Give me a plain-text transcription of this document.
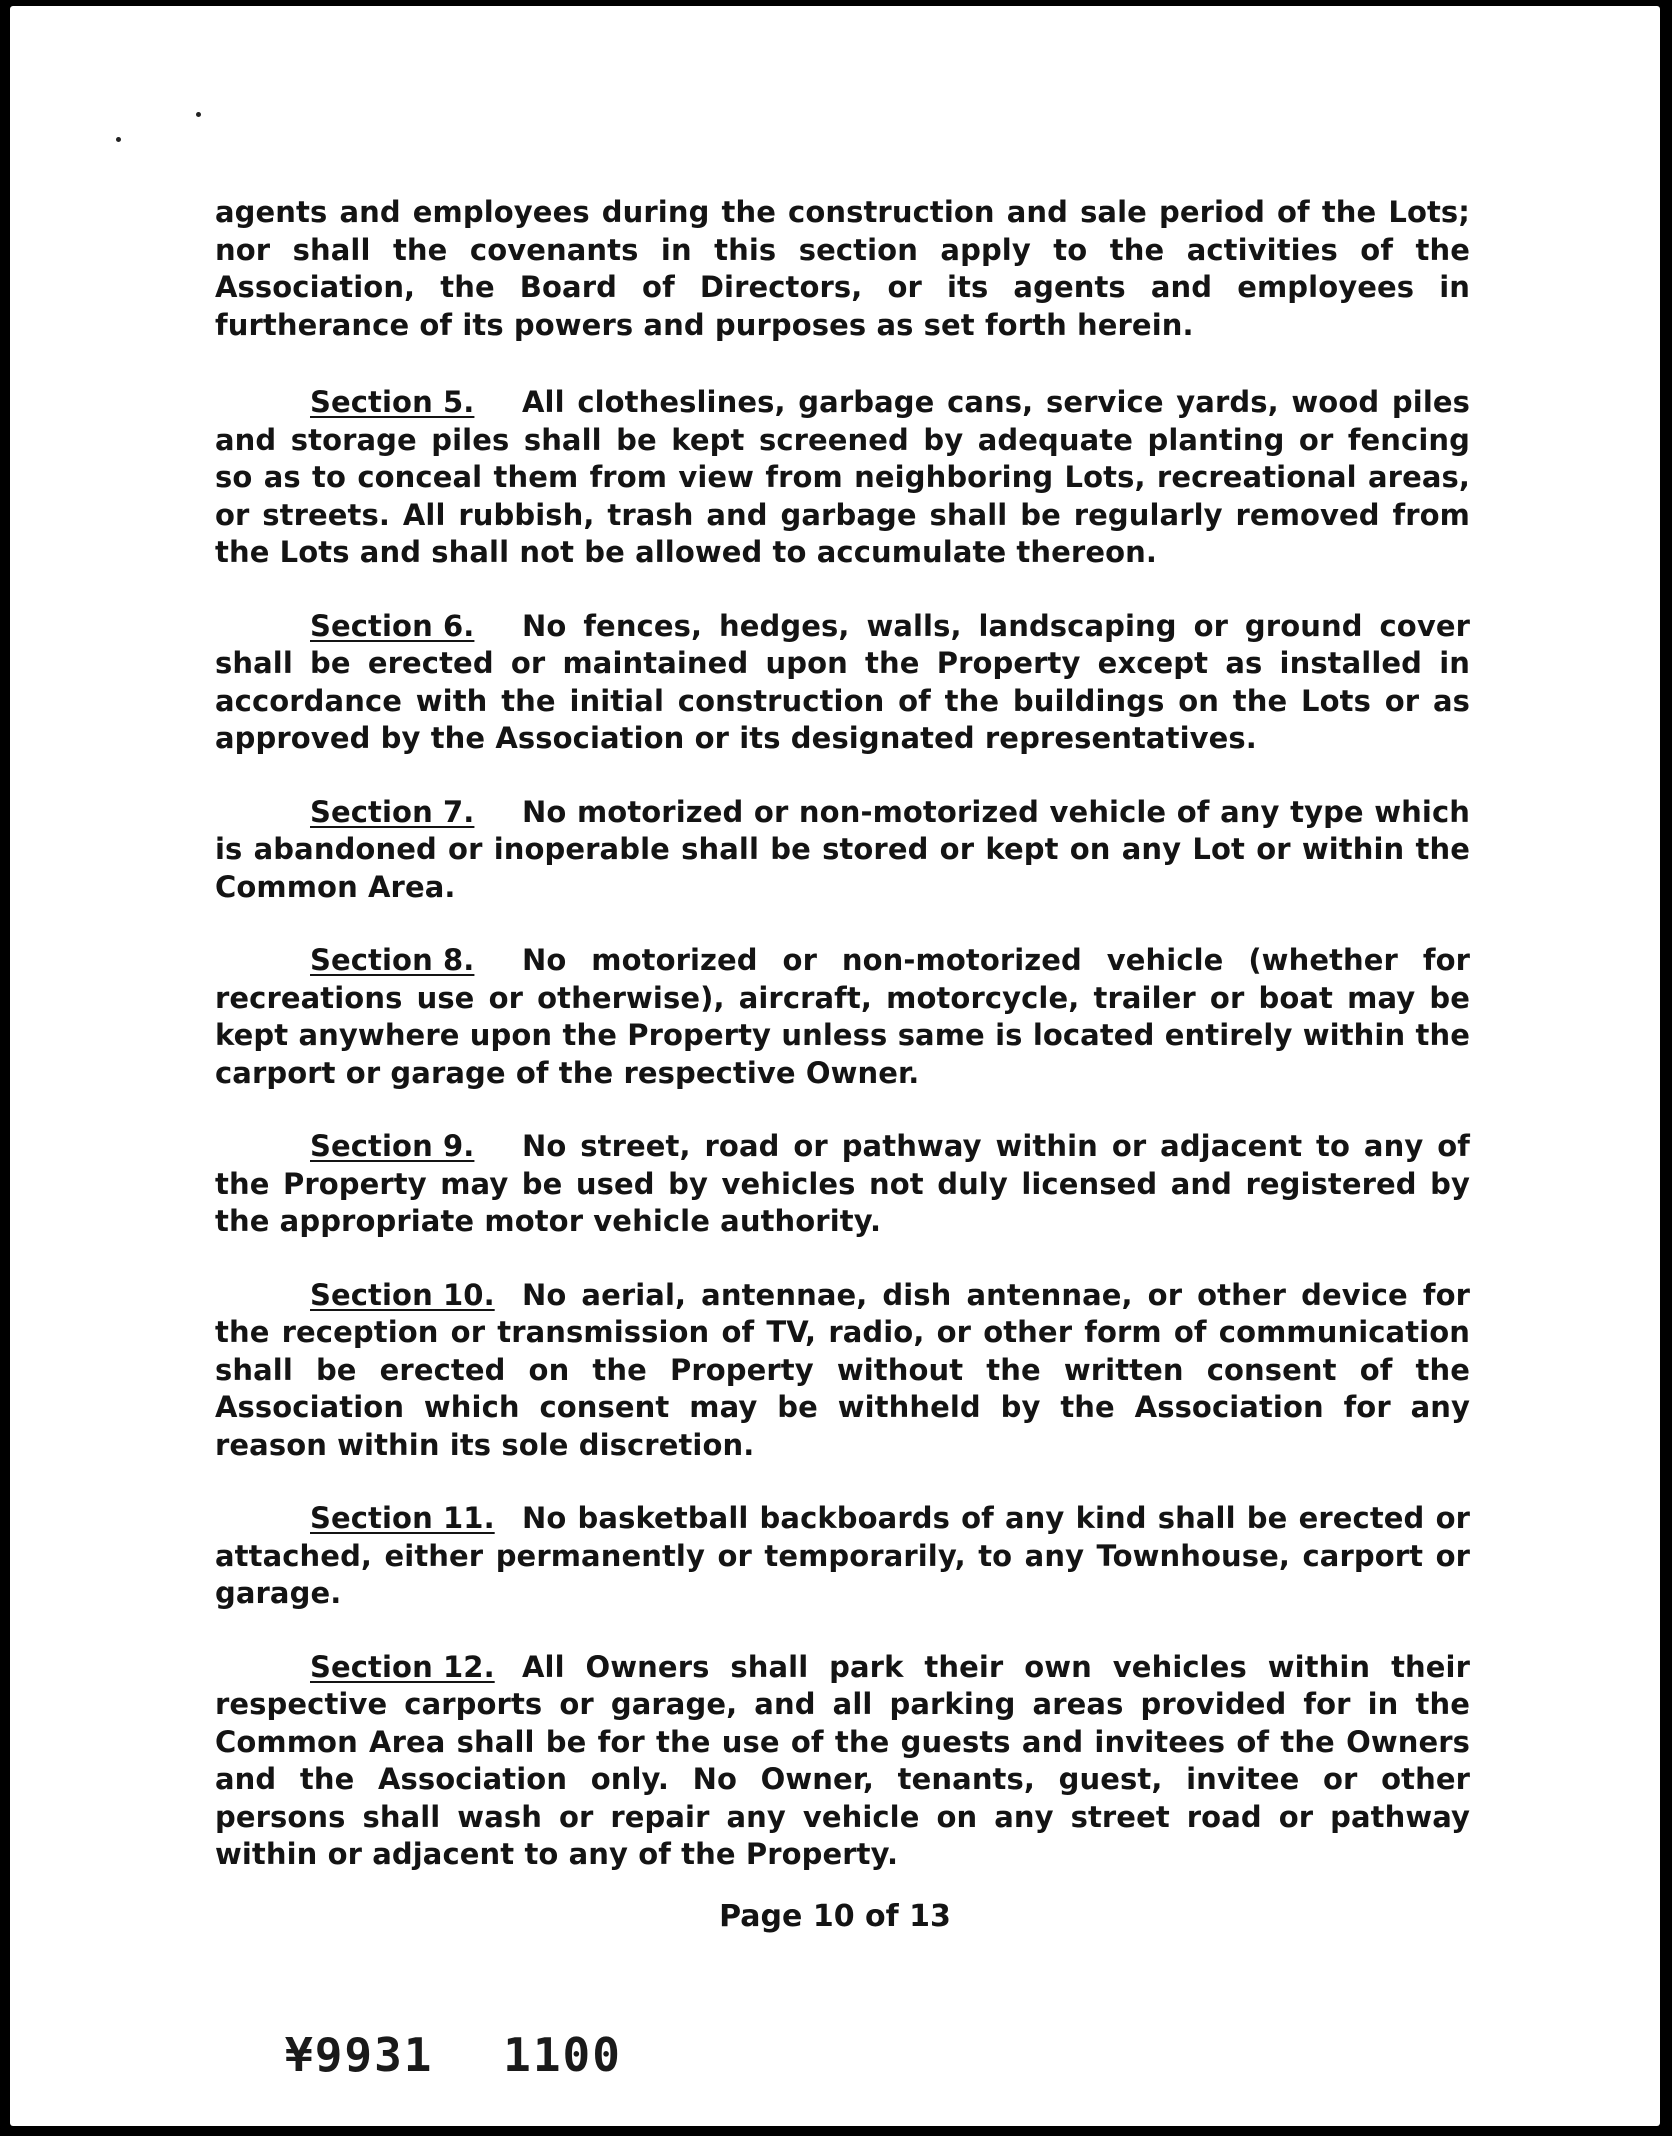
agents and employees during the construction and sale period of the Lots; nor shall the covenants in this section apply to the activities of the Association, the Board of Directors, or its agents and employees in furtherance of its powers and purposes as set forth herein.

Section 5. All clotheslines, garbage cans, service yards, wood piles and storage piles shall be kept screened by adequate planting or fencing so as to conceal them from view from neighboring Lots, recreational areas, or streets. All rubbish, trash and garbage shall be regularly removed from the Lots and shall not be allowed to accumulate thereon.

Section 6. No fences, hedges, walls, landscaping or ground cover shall be erected or maintained upon the Property except as installed in accordance with the initial construction of the buildings on the Lots or as approved by the Association or its designated representatives.

Section 7. No motorized or non-motorized vehicle of any type which is abandoned or inoperable shall be stored or kept on any Lot or within the Common Area.

Section 8. No motorized or non-motorized vehicle (whether for recreations use or otherwise), aircraft, motorcycle, trailer or boat may be kept anywhere upon the Property unless same is located entirely within the carport or garage of the respective Owner.

Section 9. No street, road or pathway within or adjacent to any of the Property may be used by vehicles not duly licensed and registered by the appropriate motor vehicle authority.

Section 10. No aerial, antennae, dish antennae, or other device for the reception or transmission of TV, radio, or other form of communication shall be erected on the Property without the written consent of the Association which consent may be withheld by the Association for any reason within its sole discretion.

Section 11. No basketball backboards of any kind shall be erected or attached, either permanently or temporarily, to any Townhouse, carport or garage.

Section 12. All Owners shall park their own vehicles within their respective carports or garage, and all parking areas provided for in the Common Area shall be for the use of the guests and invitees of the Owners and the Association only. No Owner, tenants, guest, invitee or other persons shall wash or repair any vehicle on any street road or pathway within or adjacent to any of the Property.

Page 10 of 13
¥9931 1100
